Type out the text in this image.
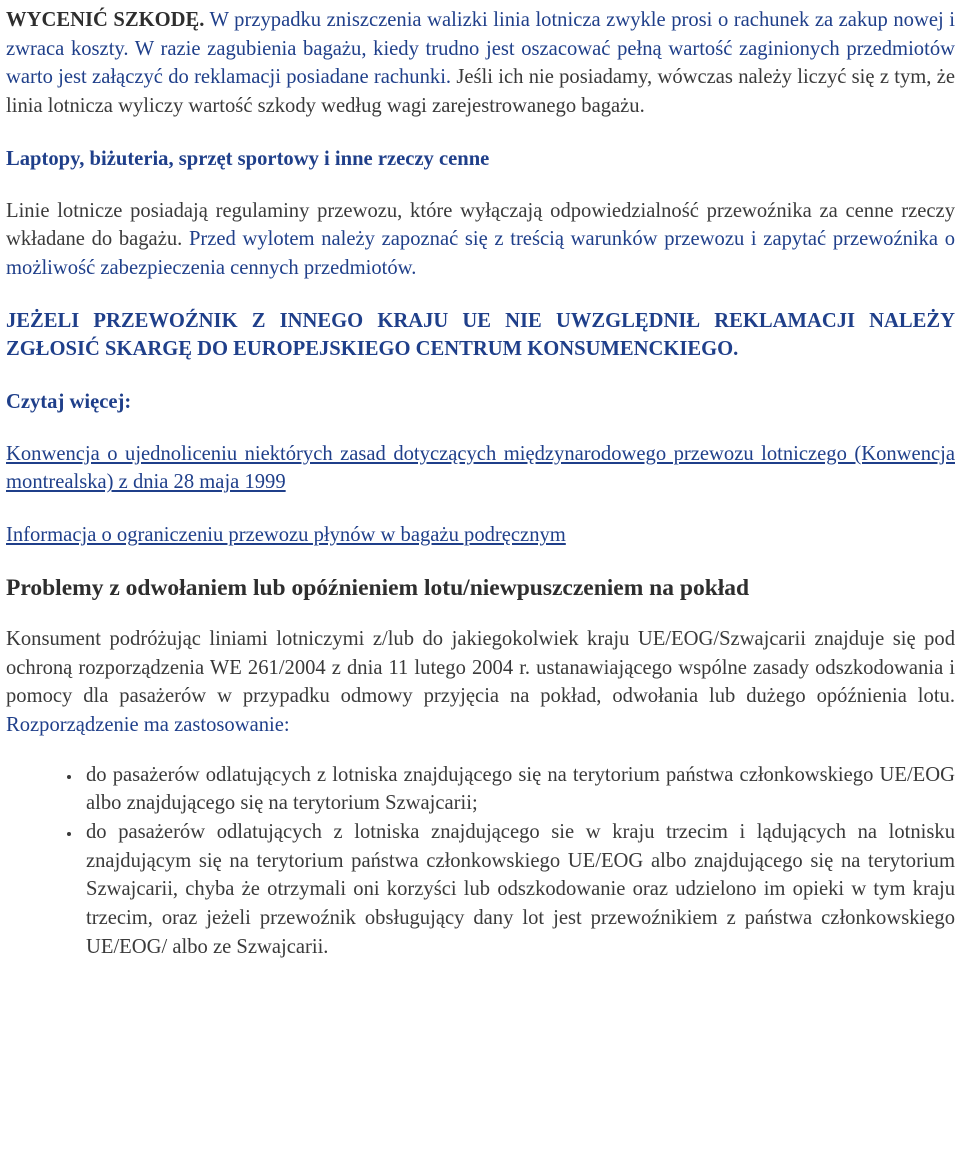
WYCENIĆ SZKODĘ. W przypadku zniszczenia walizki linia lotnicza zwykle prosi o rachunek za zakup nowej i zwraca koszty. W razie zagubienia bagażu, kiedy trudno jest oszacować pełną wartość zaginionych przedmiotów warto jest załączyć do reklamacji posiadane rachunki. Jeśli ich nie posiadamy, wówczas należy liczyć się z tym, że linia lotnicza wyliczy wartość szkody według wagi zarejestrowanego bagażu.

Laptopy, biżuteria, sprzęt sportowy i inne rzeczy cenne

Linie lotnicze posiadają regulaminy przewozu, które wyłączają odpowiedzialność przewoźnika za cenne rzeczy wkładane do bagażu. Przed wylotem należy zapoznać się z treścią warunków przewozu i zapytać przewoźnika o możliwość zabezpieczenia cennych przedmiotów.

JEŻELI PRZEWOŹNIK Z INNEGO KRAJU UE NIE UWZGLĘDNIŁ REKLAMACJI NALEŻY ZGŁOSIĆ SKARGĘ DO EUROPEJSKIEGO CENTRUM KONSUMENCKIEGO.

Czytaj więcej:

Konwencja o ujednoliceniu niektórych zasad dotyczących międzynarodowego przewozu lotniczego (Konwencja montrealska) z dnia 28 maja 1999

Informacja o ograniczeniu przewozu płynów w bagażu podręcznym

Problemy z odwołaniem lub opóźnieniem lotu/niewpuszczeniem na pokład

Konsument podróżując liniami lotniczymi z/lub do jakiegokolwiek kraju UE/EOG/Szwajcarii znajduje się pod ochroną rozporządzenia WE 261/2004 z dnia 11 lutego 2004 r. ustanawiającego wspólne zasady odszkodowania i pomocy dla pasażerów w przypadku odmowy przyjęcia na pokład, odwołania lub dużego opóźnienia lotu. Rozporządzenie ma zastosowanie:

• do pasażerów odlatujących z lotniska znajdującego się na terytorium państwa członkowskiego UE/EOG albo znajdującego się na terytorium Szwajcarii;
• do pasażerów odlatujących z lotniska znajdującego sie w kraju trzecim i lądujących na lotnisku znajdującym się na terytorium państwa członkowskiego UE/EOG albo znajdującego się na terytorium Szwajcarii, chyba że otrzymali oni korzyści lub odszkodowanie oraz udzielono im opieki w tym kraju trzecim, oraz jeżeli przewoźnik obsługujący dany lot jest przewoźnikiem z państwa członkowskiego UE/EOG/ albo ze Szwajcarii.
